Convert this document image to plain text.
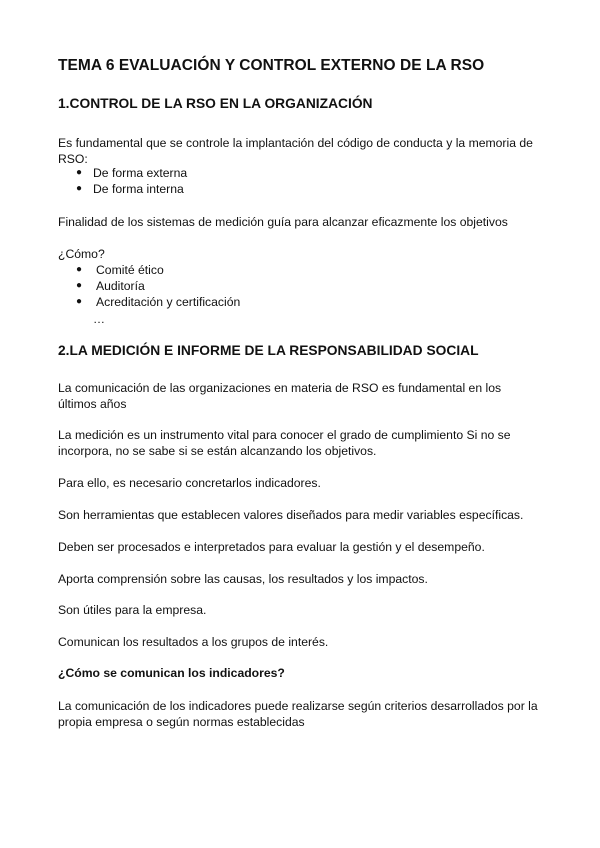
TEMA 6 EVALUACIÓN Y CONTROL EXTERNO DE LA RSO
1.CONTROL DE LA RSO EN LA ORGANIZACIÓN

Es fundamental que se controle la implantación del código de conducta y la memoria de RSO:

● De forma externa
● De forma interna

Finalidad de los sistemas de medición guía para alcanzar eficazmente los objetivos

¿Cómo?

● Comité ético
● Auditoría
● Acreditación y certificación
…
2.LA MEDICIÓN E INFORME DE LA RESPONSABILIDAD SOCIAL

La comunicación de las organizaciones en materia de RSO es fundamental en los últimos años

La medición es un instrumento vital para conocer el grado de cumplimiento Si no se incorpora, no se sabe si se están alcanzando los objetivos.

Para ello, es necesario concretarlos indicadores.

Son herramientas que establecen valores diseñados para medir variables específicas.

Deben ser procesados e interpretados para evaluar la gestión y el desempeño.

Aporta comprensión sobre las causas, los resultados y los impactos.

Son útiles para la empresa.

Comunican los resultados a los grupos de interés.

¿Cómo se comunican los indicadores?

La comunicación de los indicadores puede realizarse según criterios desarrollados por la propia empresa o según normas establecidas
